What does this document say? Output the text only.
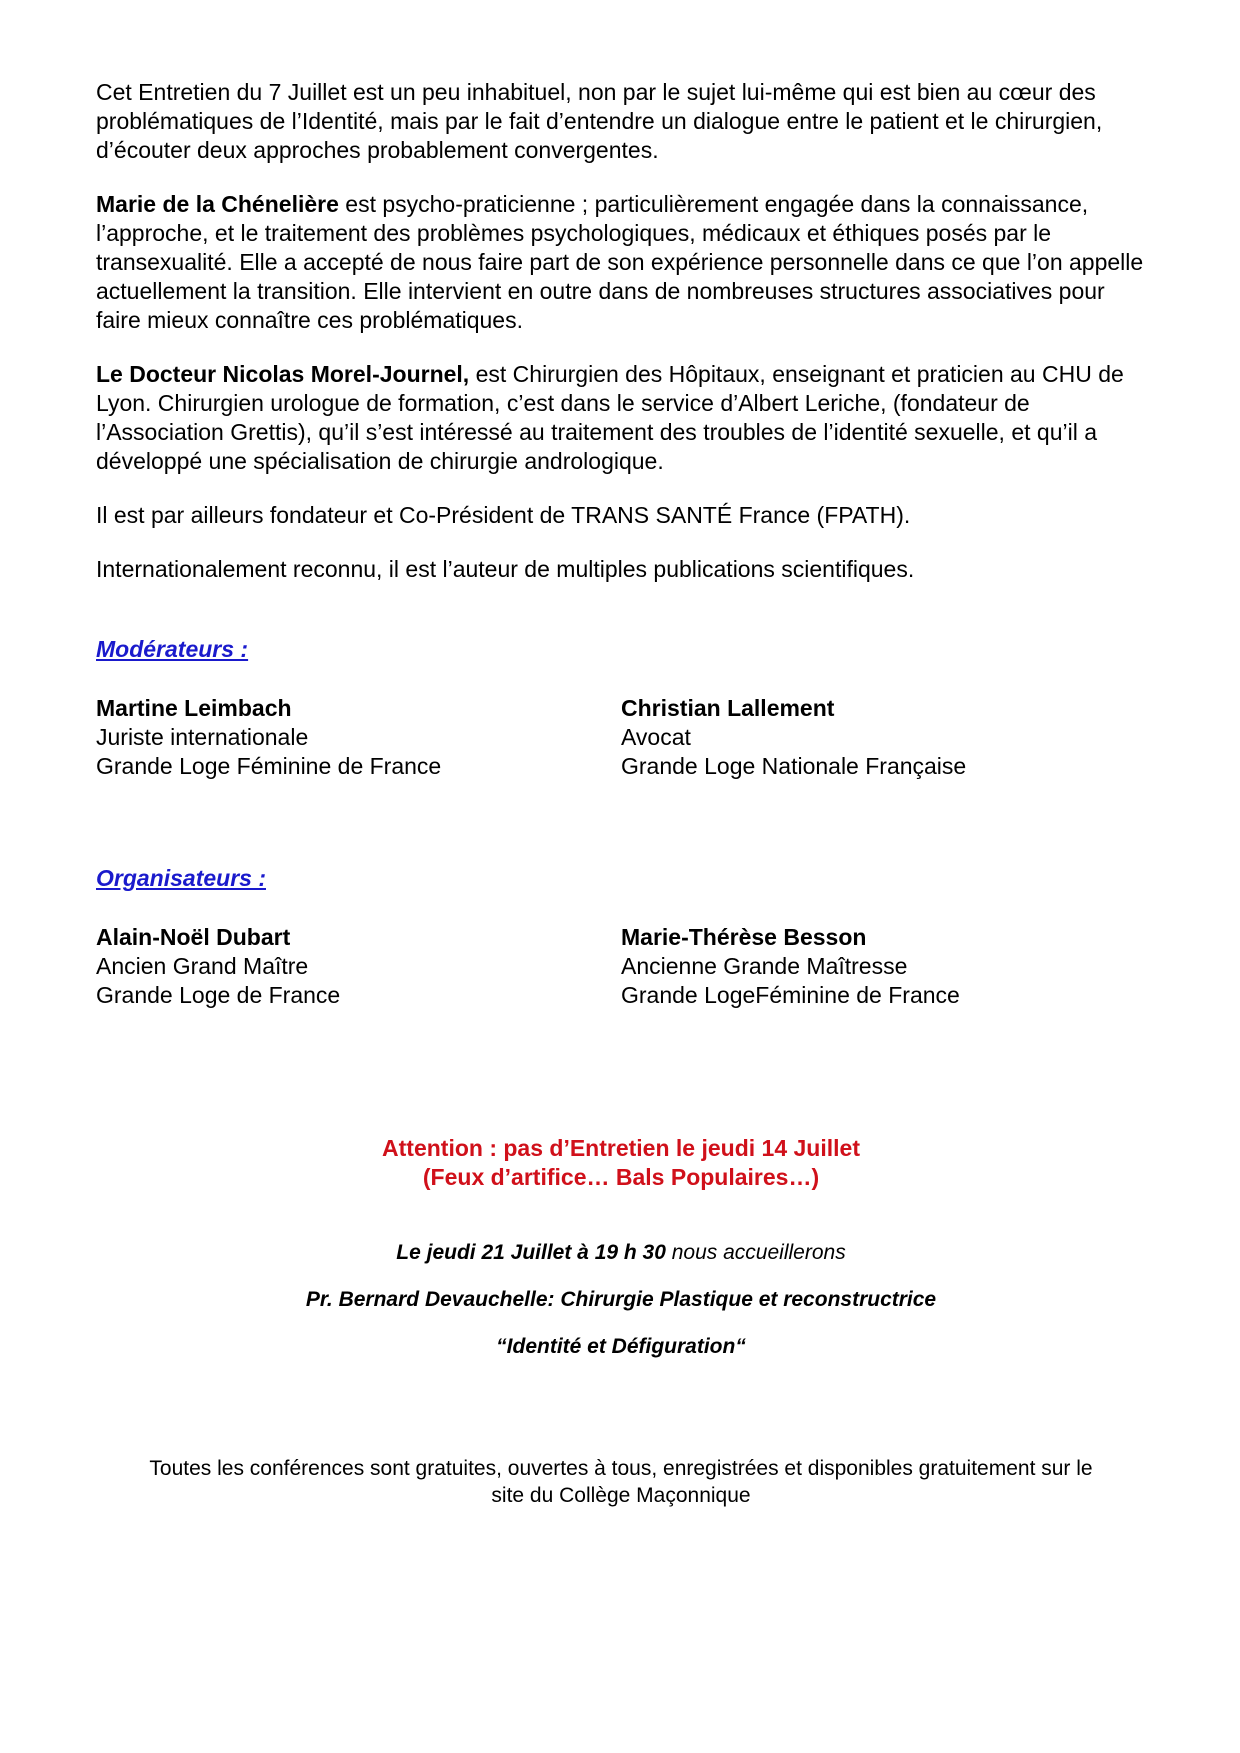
Cet Entretien du 7 Juillet est un peu inhabituel, non par le sujet lui-même qui est bien au cœur des problématiques de l’Identité, mais par le fait d’entendre un dialogue entre le patient et le chirurgien, d’écouter deux approches probablement convergentes.

Marie de la Chénelière est psycho-praticienne ; particulièrement engagée dans la connaissance, l’approche, et le traitement des problèmes psychologiques, médicaux et éthiques posés par le transexualité. Elle a accepté de nous faire part de son expérience personnelle dans ce que l’on appelle actuellement la transition. Elle intervient en outre dans de nombreuses structures associatives pour faire mieux connaître ces problématiques.

Le Docteur Nicolas Morel-Journel, est Chirurgien des Hôpitaux, enseignant et praticien au CHU de Lyon. Chirurgien urologue de formation, c’est dans le service d’Albert Leriche, (fondateur de l’Association Grettis), qu’il s’est intéressé au traitement des troubles de l’identité sexuelle, et qu’il a développé une spécialisation de chirurgie andrologique.

Il est par ailleurs fondateur et Co-Président de TRANS SANTÉ France (FPATH).

Internationalement reconnu, il est l’auteur de multiples publications scientifiques.

Modérateurs :

Martine Leimbach
Juriste internationale
Grande Loge Féminine de France
Christian Lallement
Avocat
Grande Loge Nationale Française

Organisateurs :

Alain-Noël Dubart
Ancien Grand Maître
Grande Loge de France
Marie-Thérèse Besson
Ancienne Grande Maîtresse
Grande LogeFéminine de France
Attention : pas d’Entretien le jeudi 14 Juillet
(Feux d’artifice… Bals Populaires…)
Le jeudi 21 Juillet à 19 h 30 nous accueillerons
Pr. Bernard Devauchelle: Chirurgie Plastique et reconstructrice
“Identité et Défiguration“
Toutes les conférences sont gratuites, ouvertes à tous, enregistrées et disponibles gratuitement sur le
site du Collège Maçonnique
